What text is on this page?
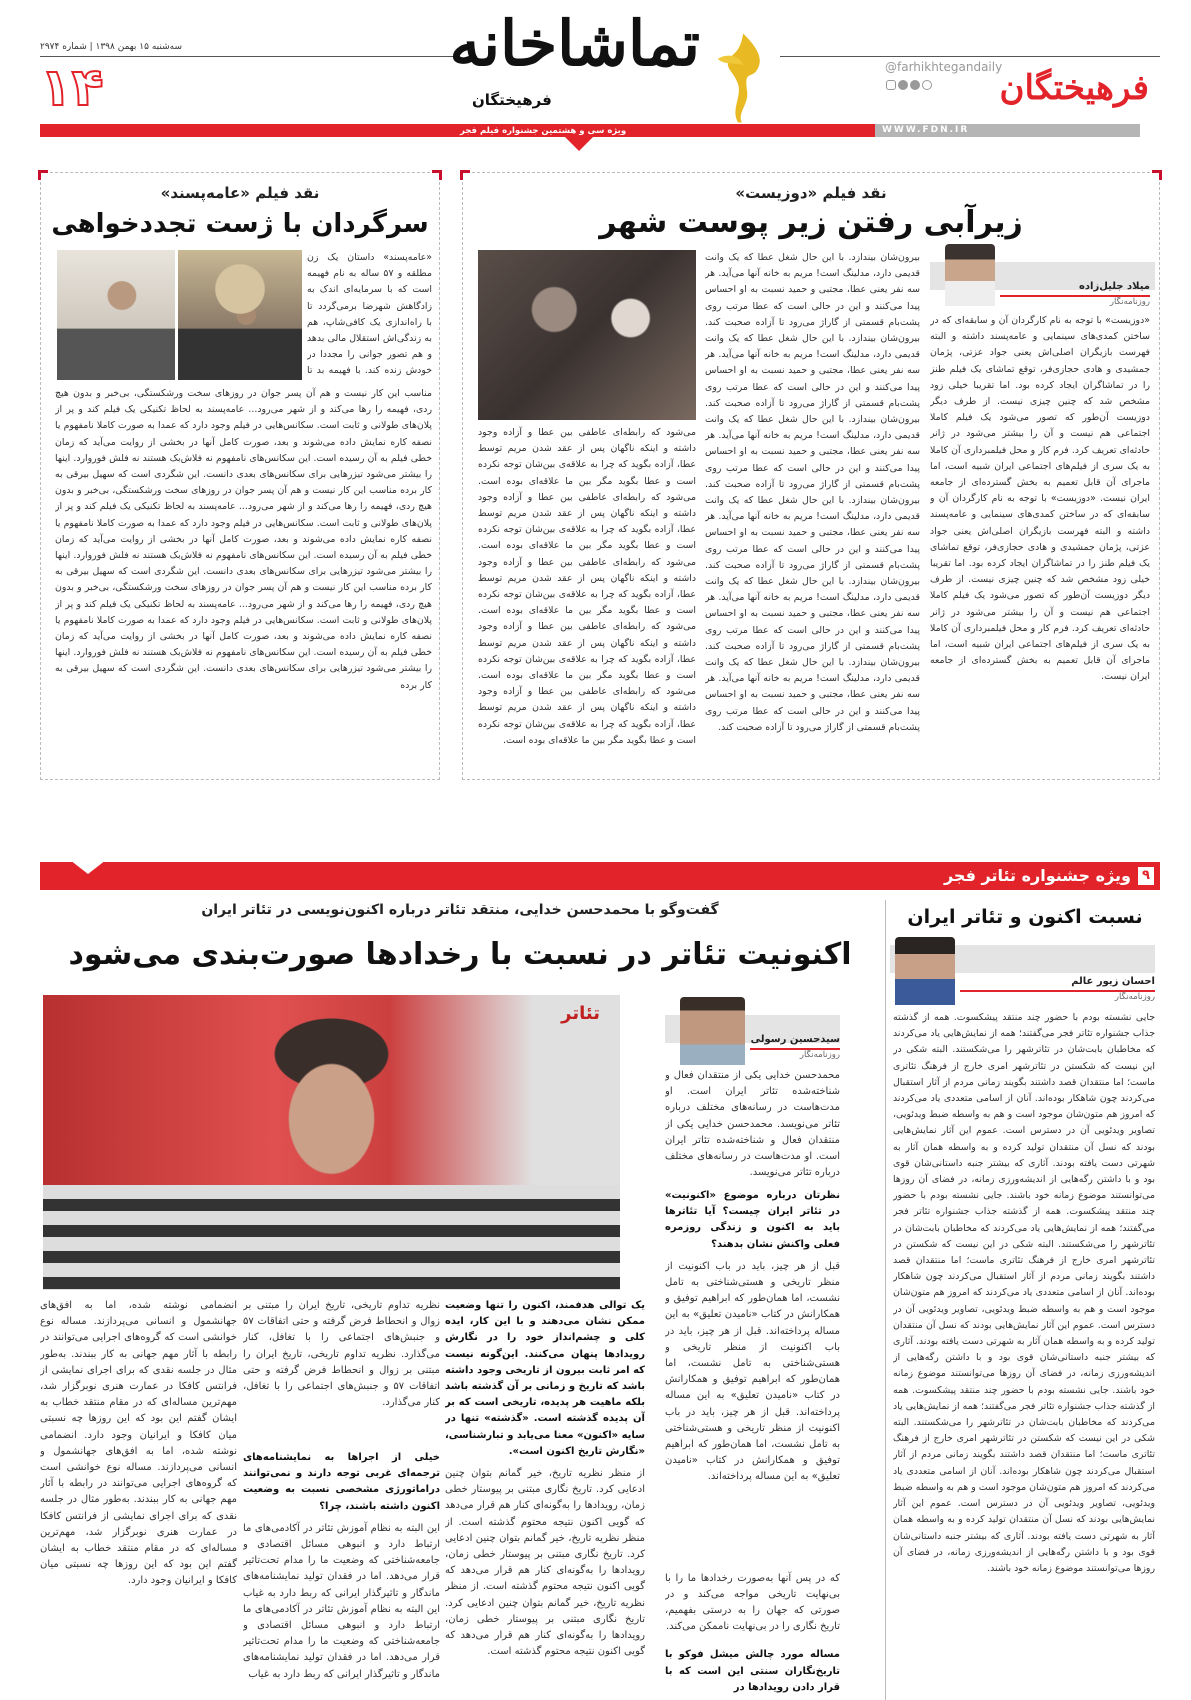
سه‌شنبه ۱۵ بهمن ۱۳۹۸ | شماره ۲۹۷۴
۱۴
ویژه سی و هشتمین جشنواره فیلم فجر
تماشاخانه
فرهیختگان
WWW.FDN.IR
@farhikhtegandaily
فرهیختگان
نقد فیلم «دوزیست»
زیرآبی رفتن زیر پوست شهر
میلاد جلیل‌زاده
روزنامه‌نگار
«دوزیست» با توجه به نام کارگردان آن و سابقه‌ای که در ساختن کمدی‌های سینمایی و عامه‌پسند داشته و البته فهرست بازیگران اصلی‌اش یعنی جواد عزتی، پژمان جمشیدی و هادی حجازی‌فر، توقع تماشای یک فیلم طنز را در تماشاگران ایجاد کرده بود. اما تقریبا خیلی زود مشخص شد که چنین چیزی نیست. از طرف دیگر دوزیست آن‌طور که تصور می‌شود یک فیلم کاملا اجتماعی هم نیست و آن را بیشتر می‌شود در ژانر حادثه‌ای تعریف کرد. فرم کار و محل فیلمبرداری آن کاملا به یک سری از فیلم‌های اجتماعی ایران شبیه است، اما ماجرای آن قابل تعمیم به بخش گسترده‌ای از جامعه ایران نیست. «دوزیست» با توجه به نام کارگردان آن و سابقه‌ای که در ساختن کمدی‌های سینمایی و عامه‌پسند داشته و البته فهرست بازیگران اصلی‌اش یعنی جواد عزتی، پژمان جمشیدی و هادی حجازی‌فر، توقع تماشای یک فیلم طنز را در تماشاگران ایجاد کرده بود. اما تقریبا خیلی زود مشخص شد که چنین چیزی نیست. از طرف دیگر دوزیست آن‌طور که تصور می‌شود یک فیلم کاملا اجتماعی هم نیست و آن را بیشتر می‌شود در ژانر حادثه‌ای تعریف کرد. فرم کار و محل فیلمبرداری آن کاملا به یک سری از فیلم‌های اجتماعی ایران شبیه است، اما ماجرای آن قابل تعمیم به بخش گسترده‌ای از جامعه ایران نیست.
بیرون‌شان بیندازد. با این حال شغل عطا که یک وانت قدیمی دارد، مدلینگ است! مریم به خانه آنها می‌آید. هر سه نفر یعنی عطا، مجتبی و حمید نسبت به او احساس پیدا می‌کنند و این در حالی است که عطا مرتب روی پشت‌بام قسمتی از گاراژ می‌رود تا آزاده صحبت کند. بیرون‌شان بیندازد. با این حال شغل عطا که یک وانت قدیمی دارد، مدلینگ است! مریم به خانه آنها می‌آید. هر سه نفر یعنی عطا، مجتبی و حمید نسبت به او احساس پیدا می‌کنند و این در حالی است که عطا مرتب روی پشت‌بام قسمتی از گاراژ می‌رود تا آزاده صحبت کند. بیرون‌شان بیندازد. با این حال شغل عطا که یک وانت قدیمی دارد، مدلینگ است! مریم به خانه آنها می‌آید. هر سه نفر یعنی عطا، مجتبی و حمید نسبت به او احساس پیدا می‌کنند و این در حالی است که عطا مرتب روی پشت‌بام قسمتی از گاراژ می‌رود تا آزاده صحبت کند. بیرون‌شان بیندازد. با این حال شغل عطا که یک وانت قدیمی دارد، مدلینگ است! مریم به خانه آنها می‌آید. هر سه نفر یعنی عطا، مجتبی و حمید نسبت به او احساس پیدا می‌کنند و این در حالی است که عطا مرتب روی پشت‌بام قسمتی از گاراژ می‌رود تا آزاده صحبت کند. بیرون‌شان بیندازد. با این حال شغل عطا که یک وانت قدیمی دارد، مدلینگ است! مریم به خانه آنها می‌آید. هر سه نفر یعنی عطا، مجتبی و حمید نسبت به او احساس پیدا می‌کنند و این در حالی است که عطا مرتب روی پشت‌بام قسمتی از گاراژ می‌رود تا آزاده صحبت کند. بیرون‌شان بیندازد. با این حال شغل عطا که یک وانت قدیمی دارد، مدلینگ است! مریم به خانه آنها می‌آید. هر سه نفر یعنی عطا، مجتبی و حمید نسبت به او احساس پیدا می‌کنند و این در حالی است که عطا مرتب روی پشت‌بام قسمتی از گاراژ می‌رود تا آزاده صحبت کند.
می‌شود که رابطه‌ای عاطفی بین عطا و آزاده وجود داشته و اینکه ناگهان پس از عقد شدن مریم توسط عطا، آزاده بگوید که چرا به علاقه‌ی بین‌شان توجه نکرده است و عطا بگوید مگر بین ما علاقه‌ای بوده است. می‌شود که رابطه‌ای عاطفی بین عطا و آزاده وجود داشته و اینکه ناگهان پس از عقد شدن مریم توسط عطا، آزاده بگوید که چرا به علاقه‌ی بین‌شان توجه نکرده است و عطا بگوید مگر بین ما علاقه‌ای بوده است. می‌شود که رابطه‌ای عاطفی بین عطا و آزاده وجود داشته و اینکه ناگهان پس از عقد شدن مریم توسط عطا، آزاده بگوید که چرا به علاقه‌ی بین‌شان توجه نکرده است و عطا بگوید مگر بین ما علاقه‌ای بوده است. می‌شود که رابطه‌ای عاطفی بین عطا و آزاده وجود داشته و اینکه ناگهان پس از عقد شدن مریم توسط عطا، آزاده بگوید که چرا به علاقه‌ی بین‌شان توجه نکرده است و عطا بگوید مگر بین ما علاقه‌ای بوده است. می‌شود که رابطه‌ای عاطفی بین عطا و آزاده وجود داشته و اینکه ناگهان پس از عقد شدن مریم توسط عطا، آزاده بگوید که چرا به علاقه‌ی بین‌شان توجه نکرده است و عطا بگوید مگر بین ما علاقه‌ای بوده است.
نقد فیلم «عامه‌پسند»
سرگردان با ژست تجددخواهی
«عامه‌پسند» داستان یک زن مطلقه و ۵۷ ساله به نام فهیمه است که با سرمایه‌ای اندک به زادگاهش شهرضا برمی‌گردد تا با راه‌اندازی یک کافی‌شاپ، هم به زندگی‌اش استقلال مالی بدهد و هم تصور جوانی را مجددا در خودش زنده کند. با فهیمه بد تا
مناسب این کار نیست و هم آن پسر جوان در روزهای سخت ورشکستگی، بی‌خبر و بدون هیچ ردی، فهیمه را رها می‌کند و از شهر می‌رود... عامه‌پسند به لحاظ تکنیکی یک فیلم کند و پر از پلان‌های طولانی و ثابت است. سکانس‌هایی در فیلم وجود دارد که عمدا به صورت کاملا نامفهوم یا نصفه کاره نمایش داده می‌شوند و بعد، صورت کامل آنها در بخشی از روایت می‌آید که زمان خطی فیلم به آن رسیده است. این سکانس‌های نامفهوم نه فلاش‌بک هستند نه فلش فوروارد. اینها را بیشتر می‌شود تیزرهایی برای سکانس‌های بعدی دانست. این شگردی است که سهیل بیرقی به کار برده مناسب این کار نیست و هم آن پسر جوان در روزهای سخت ورشکستگی، بی‌خبر و بدون هیچ ردی، فهیمه را رها می‌کند و از شهر می‌رود... عامه‌پسند به لحاظ تکنیکی یک فیلم کند و پر از پلان‌های طولانی و ثابت است. سکانس‌هایی در فیلم وجود دارد که عمدا به صورت کاملا نامفهوم یا نصفه کاره نمایش داده می‌شوند و بعد، صورت کامل آنها در بخشی از روایت می‌آید که زمان خطی فیلم به آن رسیده است. این سکانس‌های نامفهوم نه فلاش‌بک هستند نه فلش فوروارد. اینها را بیشتر می‌شود تیزرهایی برای سکانس‌های بعدی دانست. این شگردی است که سهیل بیرقی به کار برده مناسب این کار نیست و هم آن پسر جوان در روزهای سخت ورشکستگی، بی‌خبر و بدون هیچ ردی، فهیمه را رها می‌کند و از شهر می‌رود... عامه‌پسند به لحاظ تکنیکی یک فیلم کند و پر از پلان‌های طولانی و ثابت است. سکانس‌هایی در فیلم وجود دارد که عمدا به صورت کاملا نامفهوم یا نصفه کاره نمایش داده می‌شوند و بعد، صورت کامل آنها در بخشی از روایت می‌آید که زمان خطی فیلم به آن رسیده است. این سکانس‌های نامفهوم نه فلاش‌بک هستند نه فلش فوروارد. اینها را بیشتر می‌شود تیزرهایی برای سکانس‌های بعدی دانست. این شگردی است که سهیل بیرقی به کار برده
۹
ویژه جشنواره تئاتر فجر
نسبت اکنون و تئاتر ایران
احسان زیور عالم
روزنامه‌نگار
جایی نشسته بودم با حضور چند منتقد پیشکسوت. همه از گذشته جذاب جشنواره تئاتر فجر می‌گفتند؛ همه از نمایش‌هایی یاد می‌کردند که مخاطبان بابت‌شان در تئاترشهر را می‌شکستند. البته شکی در این نیست که شکستن در تئاترشهر امری خارج از فرهنگ تئاتری ماست؛ اما منتقدان قصد داشتند بگویند زمانی مردم از آثار استقبال می‌کردند چون شاهکار بوده‌اند. آنان از اسامی متعددی یاد می‌کردند که امروز هم متون‌شان موجود است و هم به واسطه ضبط ویدئویی، تصاویر ویدئویی آن در دسترس است. عموم این آثار نمایش‌هایی بودند که نسل آن منتقدان تولید کرده و به واسطه همان آثار به شهرتی دست یافته بودند. آثاری که بیشتر جنبه داستانی‌شان قوی بود و با داشتن رگه‌هایی از اندیشه‌ورزی زمانه، در فضای آن روزها می‌توانستند موضوع زمانه خود باشند. جایی نشسته بودم با حضور چند منتقد پیشکسوت. همه از گذشته جذاب جشنواره تئاتر فجر می‌گفتند؛ همه از نمایش‌هایی یاد می‌کردند که مخاطبان بابت‌شان در تئاترشهر را می‌شکستند. البته شکی در این نیست که شکستن در تئاترشهر امری خارج از فرهنگ تئاتری ماست؛ اما منتقدان قصد داشتند بگویند زمانی مردم از آثار استقبال می‌کردند چون شاهکار بوده‌اند. آنان از اسامی متعددی یاد می‌کردند که امروز هم متون‌شان موجود است و هم به واسطه ضبط ویدئویی، تصاویر ویدئویی آن در دسترس است. عموم این آثار نمایش‌هایی بودند که نسل آن منتقدان تولید کرده و به واسطه همان آثار به شهرتی دست یافته بودند. آثاری که بیشتر جنبه داستانی‌شان قوی بود و با داشتن رگه‌هایی از اندیشه‌ورزی زمانه، در فضای آن روزها می‌توانستند موضوع زمانه خود باشند. جایی نشسته بودم با حضور چند منتقد پیشکسوت. همه از گذشته جذاب جشنواره تئاتر فجر می‌گفتند؛ همه از نمایش‌هایی یاد می‌کردند که مخاطبان بابت‌شان در تئاترشهر را می‌شکستند. البته شکی در این نیست که شکستن در تئاترشهر امری خارج از فرهنگ تئاتری ماست؛ اما منتقدان قصد داشتند بگویند زمانی مردم از آثار استقبال می‌کردند چون شاهکار بوده‌اند. آنان از اسامی متعددی یاد می‌کردند که امروز هم متون‌شان موجود است و هم به واسطه ضبط ویدئویی، تصاویر ویدئویی آن در دسترس است. عموم این آثار نمایش‌هایی بودند که نسل آن منتقدان تولید کرده و به واسطه همان آثار به شهرتی دست یافته بودند. آثاری که بیشتر جنبه داستانی‌شان قوی بود و با داشتن رگه‌هایی از اندیشه‌ورزی زمانه، در فضای آن روزها می‌توانستند موضوع زمانه خود باشند.
گفت‌وگو با محمدحسن خدایی، منتقد تئاتر درباره اکنون‌نویسی در تئاتر ایران
اکنونیت تئاتر در نسبت با رخدادها صورت‌بندی می‌شود
تئاتر
سیدحسین رسولی
روزنامه‌نگار
محمدحسن خدایی یکی از منتقدان فعال و شناخته‌شده تئاتر ایران است. او مدت‌هاست در رسانه‌های مختلف درباره تئاتر می‌نویسد. محمدحسن خدایی یکی از منتقدان فعال و شناخته‌شده تئاتر ایران است. او مدت‌هاست در رسانه‌های مختلف درباره تئاتر می‌نویسد.
نظرتان درباره موضوع «اکنونیت» در تئاتر ایران چیست؟ آیا تئاترها باید به اکنون و زندگی روزمره فعلی واکنش نشان بدهند؟
قبل از هر چیز، باید در باب اکنونیت از منظر تاریخی و هستی‌شناختی به تامل نشست، اما همان‌طور که ابراهیم توفیق و همکارانش در کتاب «نامیدن تعلیق» به این مساله پرداخته‌اند. قبل از هر چیز، باید در باب اکنونیت از منظر تاریخی و هستی‌شناختی به تامل نشست، اما همان‌طور که ابراهیم توفیق و همکارانش در کتاب «نامیدن تعلیق» به این مساله پرداخته‌اند. قبل از هر چیز، باید در باب اکنونیت از منظر تاریخی و هستی‌شناختی به تامل نشست، اما همان‌طور که ابراهیم توفیق و همکارانش در کتاب «نامیدن تعلیق» به این مساله پرداخته‌اند.
که در پس آنها به‌صورت رخدادها ما را با بی‌نهایت تاریخی مواجه می‌کند و در صورتی که جهان را به درستی بفهمیم، تاریخ نگاری را در بی‌نهایت ناممکن می‌کند.
مساله مورد چالش میشل فوکو با تاریخ‌نگاران سنتی این است که با قرار دادن رویدادها در
یک توالی هدفمند، اکنون را تنها وضعیت ممکن نشان می‌دهند و با این کار، ایده کلی و چشم‌انداز خود را در نگارش رویدادها پنهان می‌کنند. این‌گونه نیست که امر ثابت بیرون از تاریخی وجود داشته باشد که تاریخ و زمانی بر آن گذشته باشد بلکه ماهیت هر پدیده، تاریخی است که بر آن پدیده گذشته است. «گذشته» تنها در سایه «اکنون» معنا می‌یابد و تبارشناسی، «نگارش تاریخ اکنون است».
از منظر نظریه تاریخ، خیر گمانم بتوان چنین ادعایی کرد. تاریخ نگاری مبتنی بر پیوستار خطی زمان، رویدادها را به‌گونه‌ای کنار هم قرار می‌دهد که گویی اکنون نتیجه محتوم گذشته است. از منظر نظریه تاریخ، خیر گمانم بتوان چنین ادعایی کرد. تاریخ نگاری مبتنی بر پیوستار خطی زمان، رویدادها را به‌گونه‌ای کنار هم قرار می‌دهد که گویی اکنون نتیجه محتوم گذشته است. از منظر نظریه تاریخ، خیر گمانم بتوان چنین ادعایی کرد. تاریخ نگاری مبتنی بر پیوستار خطی زمان، رویدادها را به‌گونه‌ای کنار هم قرار می‌دهد که گویی اکنون نتیجه محتوم گذشته است.
نظریه تداوم تاریخی، تاریخ ایران را مبتنی بر زوال و انحطاط فرض گرفته و حتی اتفاقات ۵۷ و جنبش‌های اجتماعی را با تغافل، کنار می‌گذارد. نظریه تداوم تاریخی، تاریخ ایران را مبتنی بر زوال و انحطاط فرض گرفته و حتی اتفاقات ۵۷ و جنبش‌های اجتماعی را با تغافل، کنار می‌گذارد.
خیلی از اجراها به نمایشنامه‌های ترجمه‌ای غربی توجه دارند و نمی‌توانند دراماتورژی مشخصی نسبت به وضعیت اکنون داشته باشند، چرا؟
این البته به نظام آموزش تئاتر در آکادمی‌های ما ارتباط دارد و انبوهی مسائل اقتصادی و جامعه‌شناختی که وضعیت ما را مدام تحت‌تاثیر قرار می‌دهد. اما در فقدان تولید نمایشنامه‌های ماندگار و تاثیرگذار ایرانی که ربط دارد به غیاب این البته به نظام آموزش تئاتر در آکادمی‌های ما ارتباط دارد و انبوهی مسائل اقتصادی و جامعه‌شناختی که وضعیت ما را مدام تحت‌تاثیر قرار می‌دهد. اما در فقدان تولید نمایشنامه‌های ماندگار و تاثیرگذار ایرانی که ربط دارد به غیاب
انضمامی نوشته شده، اما به افق‌های جهانشمول و انسانی می‌پردازند. مساله نوع خوانشی است که گروه‌های اجرایی می‌توانند در رابطه با آثار مهم جهانی به کار ببندند. به‌طور مثال در جلسه نقدی که برای اجرای نمایشی از فرانتس کافکا در عمارت هنری نوبرگزار شد، مهم‌ترین مساله‌ای که در مقام منتقد خطاب به ایشان گفتم این بود که این روزها چه نسبتی میان کافکا و ایرانیان وجود دارد. انضمامی نوشته شده، اما به افق‌های جهانشمول و انسانی می‌پردازند. مساله نوع خوانشی است که گروه‌های اجرایی می‌توانند در رابطه با آثار مهم جهانی به کار ببندند. به‌طور مثال در جلسه نقدی که برای اجرای نمایشی از فرانتس کافکا در عمارت هنری نوبرگزار شد، مهم‌ترین مساله‌ای که در مقام منتقد خطاب به ایشان گفتم این بود که این روزها چه نسبتی میان کافکا و ایرانیان وجود دارد.
